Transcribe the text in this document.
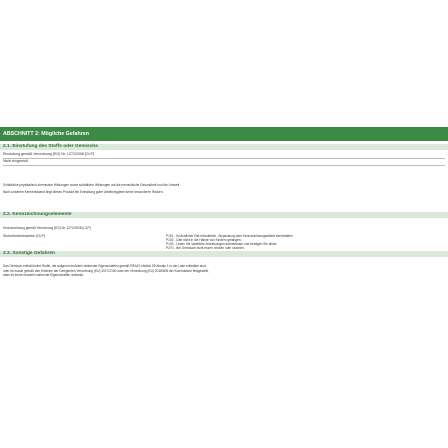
ABSCHNITT 2: Mögliche Gefahren
2.1. Einstufung des Stoffs oder Gemischs
Einstufung gemäß Verordnung (EG) Nr. 1272/2008 [CLP]
Nicht eingestuft
Schädliche physikalisch-chemische Wirkungen sowie schädliche Wirkungen auf die menschliche Gesundheit und die Umwelt
Nach unserem Kenntnisstand birgt dieses Produkt bei Einhaltung guter Arbeitshygiene keine besonderen Risiken.
2.2. Kennzeichnungselemente
Kennzeichnung gemäß Verordnung (EG) Nr. 1272/2008 [CLP]
Sicherheitshinweise (CLP)	P101 - Ist ärztlicher Rat erforderlich, Verpackung oder Kennzeichnungsetikett bereithalten.
P102 - Darf nicht in die Hände von Kindern gelangen.
P103 - Lesen Sie sämtliche Anweisungen aufmerksam und befolgen Sie diese.
P270 - Bei Gebrauch nicht essen, trinken oder rauchen.
2.3. Sonstige Gefahren
Das Gemisch enthält keine Stoffe, die aufgrund endokrin wirkender Eigenschaften gemäß REACH Artikel 59 Absatz 1 in der Liste enthalten sind,
oder es wurde gemäß den Kriterien der Delegierten Verordnung (EU) 2017/2100 oder der Verordnung (EU) 2018/605 der Kommission festgestellt,
dass es keine endokrin wirkende Eigenschaften aufweist.
